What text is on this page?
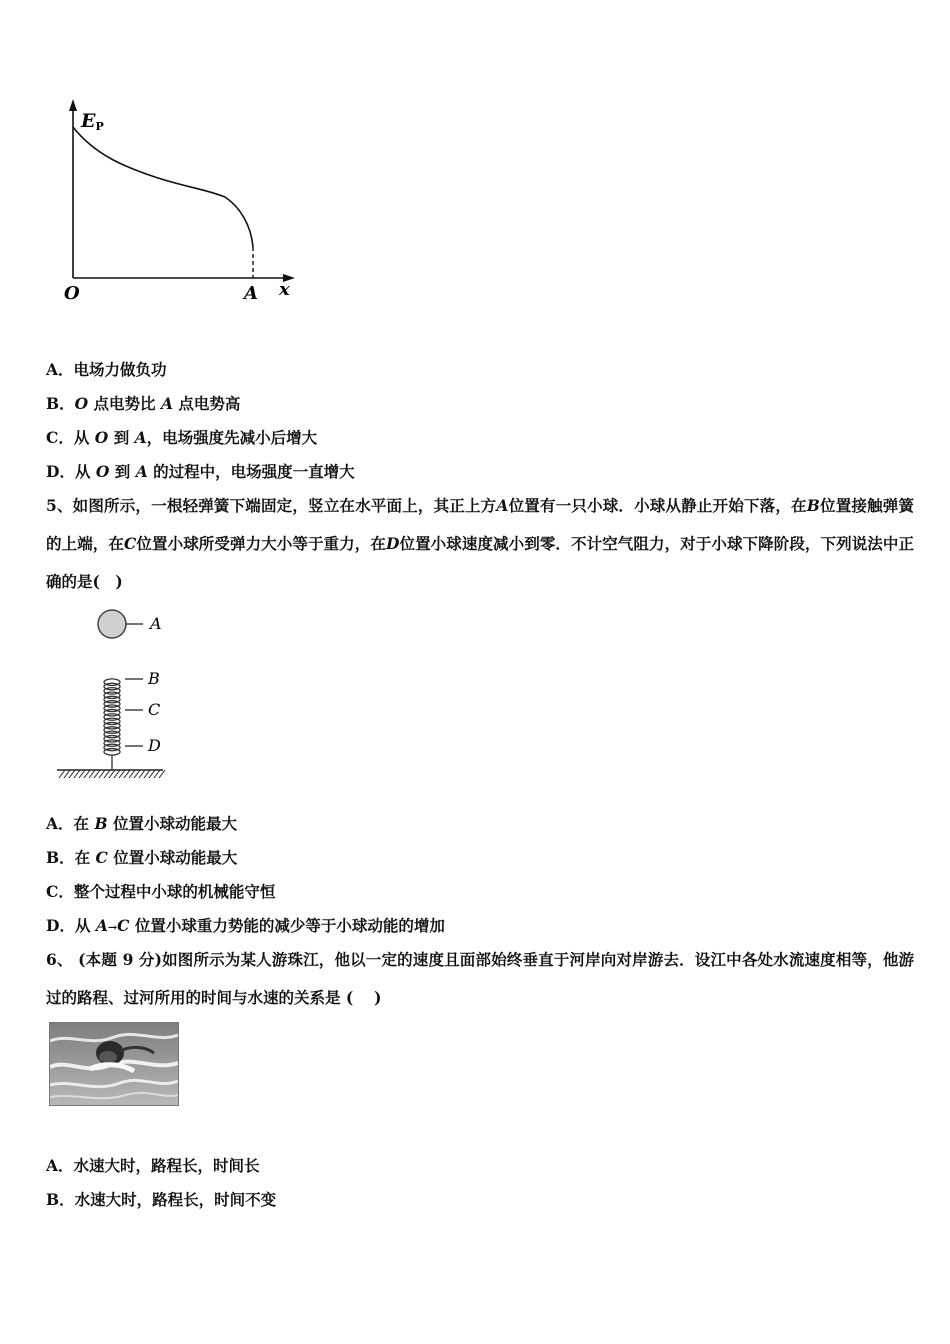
EP
O	A x
A．电场力做负功
B．O 点电势比 A 点电势高
C．从 O 到 A，电场强度先减小后增大
D．从 O 到 A 的过程中，电场强度一直增大
5、如图所示，一根轻弹簧下端固定，竖立在水平面上，其正上方A位置有一只小球．小球从静止开始下落，在B位置接触弹簧的上端，在C位置小球所受弹力大小等于重力，在D位置小球速度减小到零．不计空气阻力，对于小球下降阶段，下列说法中正确的是(　)
A
B
C
D
A．在 B 位置小球动能最大
B．在 C 位置小球动能最大
C．整个过程中小球的机械能守恒
D．从 A→C 位置小球重力势能的减少等于小球动能的增加
6、 (本题 9 分)如图所示为某人游珠江，他以一定的速度且面部始终垂直于河岸向对岸游去．设江中各处水流速度相等，他游过的路程、过河所用的时间与水速的关系是 (　 )
A．水速大时，路程长，时间长
B．水速大时，路程长，时间不变
